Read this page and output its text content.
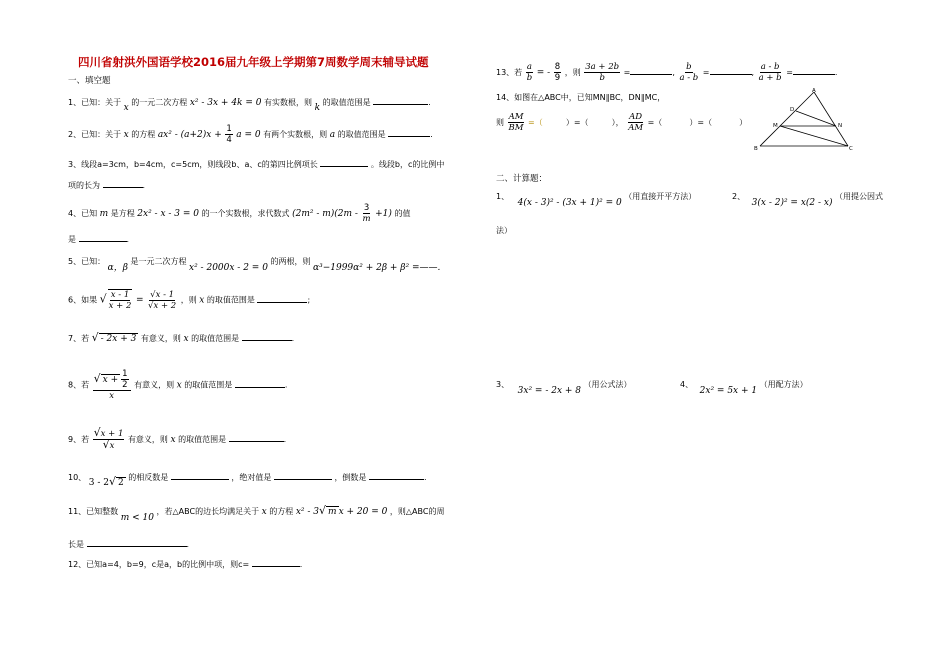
四川省射洪外国语学校2016届九年级上学期第7周数学周末辅导试题
一、填空题
1、已知：关于 x 的一元二次方程 x² - 3x + 4k = 0 有实数根，则 k 的取值范围是	.
2、已知：关于 x 的方程 $ax^2 - (a+2)x + \frac{1}{4}$ a = 0 有两个实数根，则 a 的取值范围是	.
3、线段a=3cm，b=4cm，c=5cm，则线段b、a、c的第四比例项长	。线段b，c的比例中
项的长为	.
4、已知 m 是方程 2x² - x - 3 = 0 的一个实数根，求代数式 $(2m^2 - m)(2m - \frac{3}{m} +1)$ 的值
是	.
5、已知： α，β 是一元二次方程 x² - 2000x - 2 = 0 的两根，则 α³−1999α² + 2β + β² =——.
6、如果 √ $\frac{x - 1}{x + 2} = \frac{√x - 1}{√x + 2}$ ，则 x 的取值范围是	;
7、若 √ - 2x + 3 有意义，则 x 的取值范围是	.
8、若 $\frac{√ x + \frac{1}{2}}{x}$ 有意义，则 x 的取值范围是	.
9、若 $\frac{√x + 1}{√x}$ 有意义，则 x 的取值范围是	.
10、 3 - 2√ 2 的相反数是	，绝对值是	，倒数是	.
11、已知整数 m < 10 ，若△ABC的边长均满足关于 x 的方程 x² - 3√ m x + 20 = 0 ，则△ABC的周
长是	.
12、已知a=4，b=9，c是a，b的比例中项，则c=	.
13、若 $\frac{a}{b}$ = - $\frac{8}{9}$ ，则 $\frac{3a + 2b}{b}$ =	, $\frac{b}{a - b}$ =	, $\frac{a - b}{a + b}$ =	.
14、如图在△ABC中，已知MN∥BC，DN∥MC，
则 $\frac{AM}{BM}$ =（	）=（	）， $\frac{AD}{AM}$ =（	）=（	）
A
B	C
D
M	N
二、计算题：
1、 4(x - 3)² - (3x + 1)² = 0 （用直接开平方法）	2、 3(x - 2)² = x(2 - x) （用提公因式
法）
3、 3x² = - 2x + 8 （用公式法）	4、 2x² = 5x + 1 （用配方法）
